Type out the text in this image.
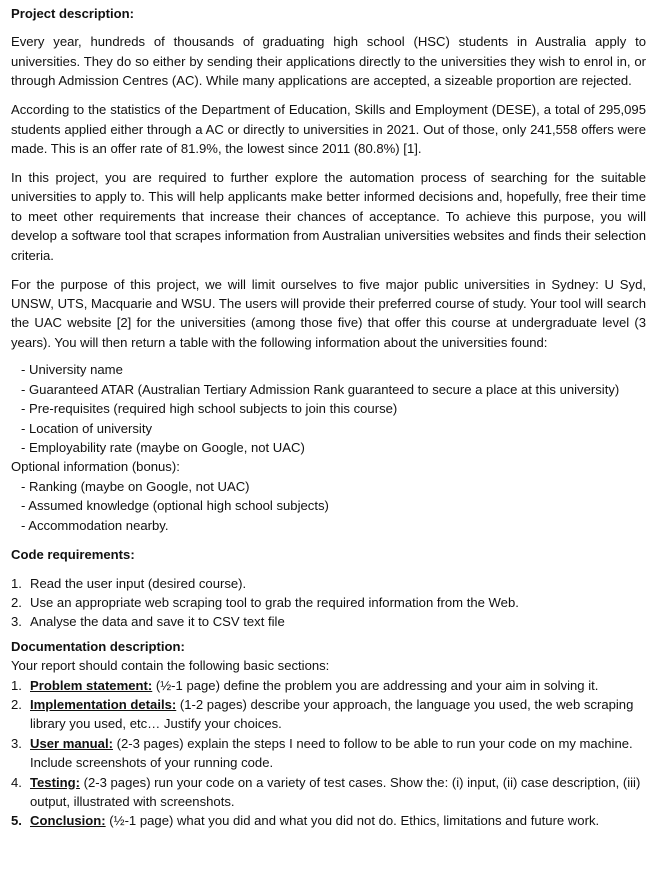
Project description:

Every year, hundreds of thousands of graduating high school (HSC) students in Australia apply to universities. They do so either by sending their applications directly to the universities they wish to enrol in, or through Admission Centres (AC). While many applications are accepted, a sizeable proportion are rejected.

According to the statistics of the Department of Education, Skills and Employment (DESE), a total of 295,095 students applied either through a AC or directly to universities in 2021. Out of those, only 241,558 offers were made. This is an offer rate of 81.9%, the lowest since 2011 (80.8%) [1].

In this project, you are required to further explore the automation process of searching for the suitable universities to apply to. This will help applicants make better informed decisions and, hopefully, free their time to meet other requirements that increase their chances of acceptance. To achieve this purpose, you will develop a software tool that scrapes information from Australian universities websites and finds their selection criteria.

For the purpose of this project, we will limit ourselves to five major public universities in Sydney: U Syd, UNSW, UTS, Macquarie and WSU. The users will provide their preferred course of study. Your tool will search the UAC website [2] for the universities (among those five) that offer this course at undergraduate level (3 years). You will then return a table with the following information about the universities found:

- University name
- Guaranteed ATAR (Australian Tertiary Admission Rank guaranteed to secure a place at this university)
- Pre-requisites (required high school subjects to join this course)
- Location of university
- Employability rate (maybe on Google, not UAC)
Optional information (bonus):
- Ranking (maybe on Google, not UAC)
- Assumed knowledge (optional high school subjects)
- Accommodation nearby.
Code requirements:
1. Read the user input (desired course).
2. Use an appropriate web scraping tool to grab the required information from the Web.
3. Analyse the data and save it to CSV text file
Documentation description:
Your report should contain the following basic sections:
1. Problem statement: (½-1 page) define the problem you are addressing and your aim in solving it.
2. Implementation details: (1-2 pages) describe your approach, the language you used, the web scraping library you used, etc… Justify your choices.
3. User manual: (2-3 pages) explain the steps I need to follow to be able to run your code on my machine. Include screenshots of your running code.
4. Testing: (2-3 pages) run your code on a variety of test cases. Show the: (i) input, (ii) case description, (iii) output, illustrated with screenshots.
5. Conclusion: (½-1 page) what you did and what you did not do. Ethics, limitations and future work.
